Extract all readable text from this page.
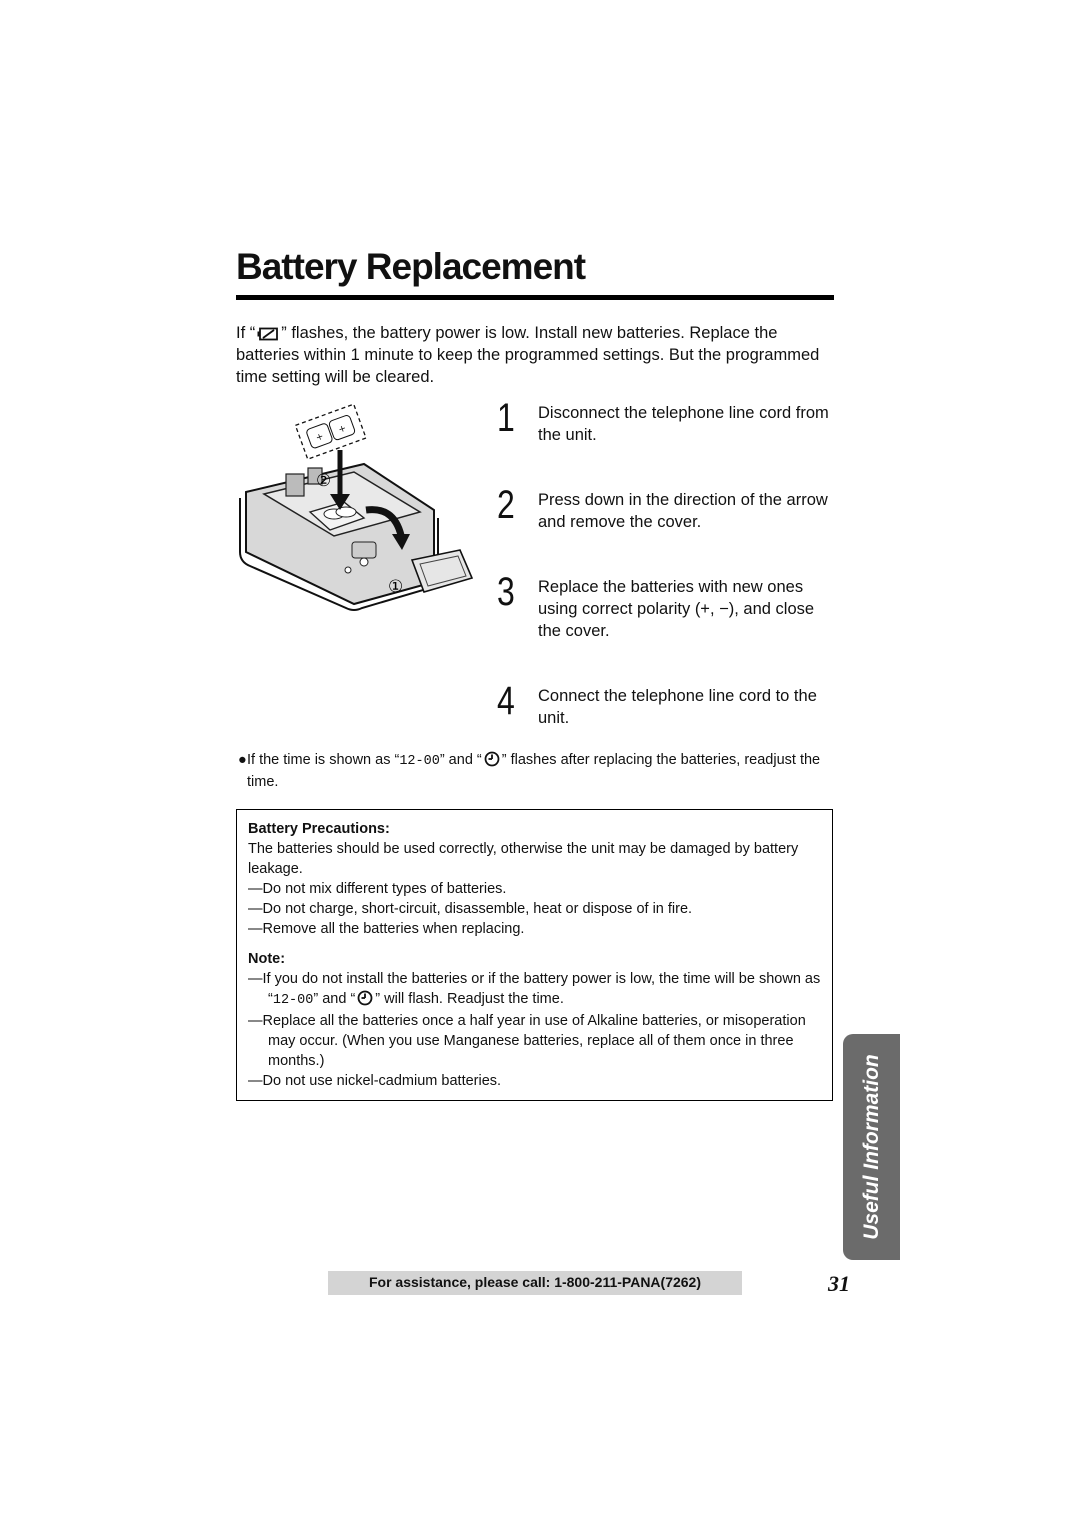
Battery Replacement
If “ ” flashes, the battery power is low. Install new batteries. Replace the batteries within 1 minute to keep the programmed settings. But the programmed time setting will be cleared.
+
+
②
①
1 Disconnect the telephone line cord from the unit.
2 Press down in the direction of the arrow and remove the cover.
3 Replace the batteries with new ones using correct polarity (+, −), and close the cover.
4 Connect the telephone line cord to the unit.
● If the time is shown as “12-00” and “ ” flashes after replacing the batteries, readjust the time.
Battery Precautions:
The batteries should be used correctly, otherwise the unit may be damaged by battery leakage.
—Do not mix different types of batteries.
—Do not charge, short-circuit, disassemble, heat or dispose of in fire.
—Remove all the batteries when replacing.
Note:
—If you do not install the batteries or if the battery power is low, the time will be shown as “12-00” and “ ” will flash. Readjust the time.
—Replace all the batteries once a half year in use of Alkaline batteries, or misoperation may occur. (When you use Manganese batteries, replace all of them once in three months.)
—Do not use nickel-cadmium batteries.	Useful Information
For assistance, please call: 1-800-211-PANA(7262)	31
